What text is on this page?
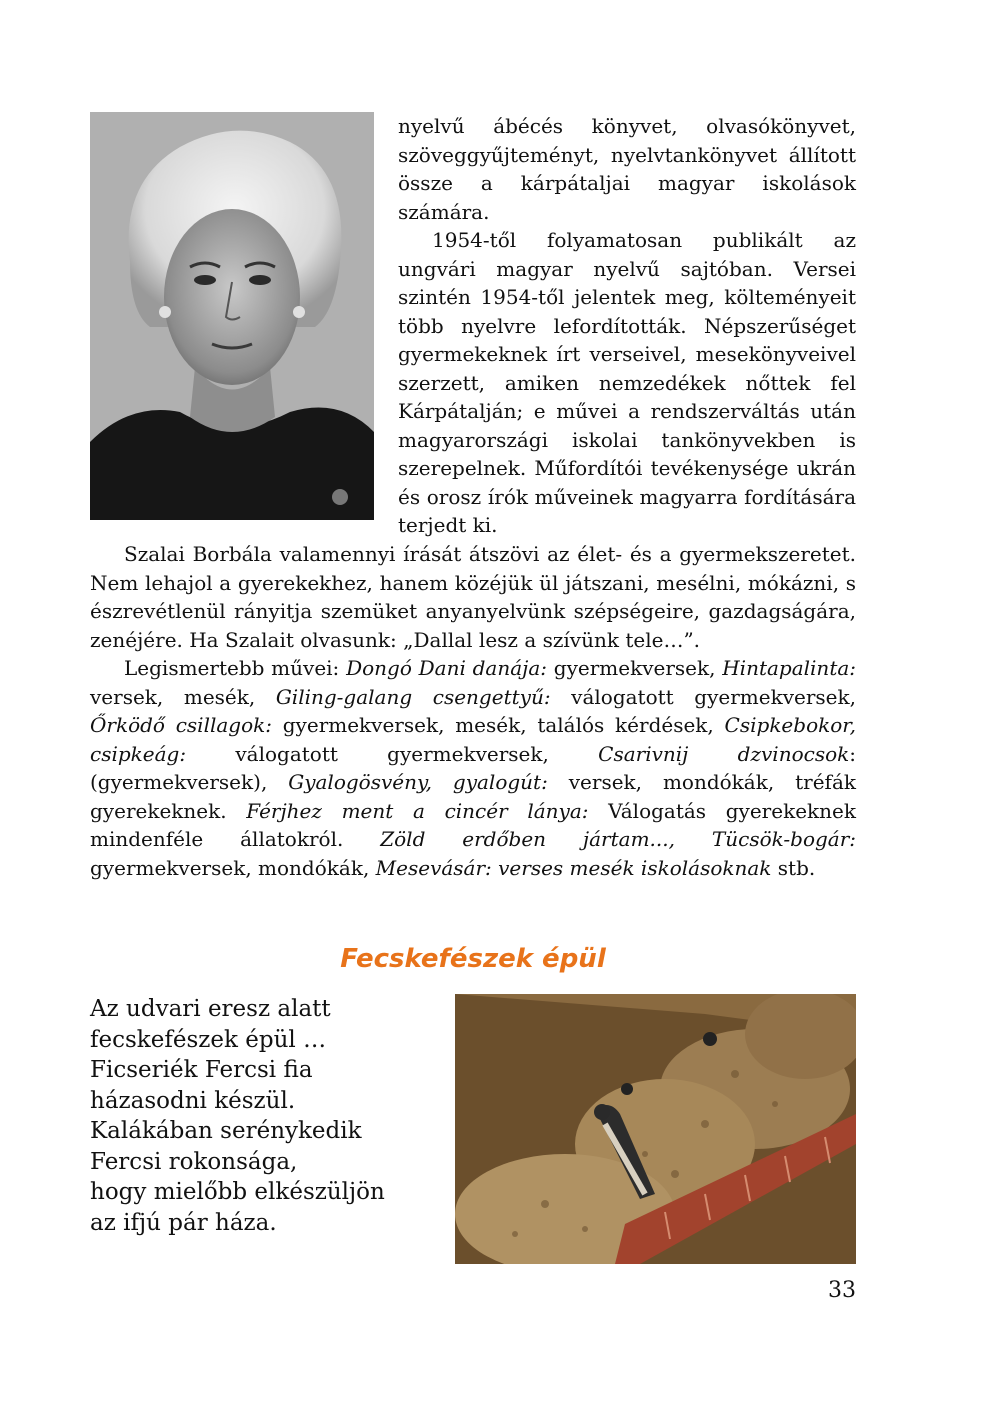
nyelvű ábécés könyvet, olvasókönyvet, szöveggyűjteményt, nyelvtankönyvet állított össze a kárpátaljai magyar iskolások számára.

1954-től folyamatosan publikált az ungvári magyar nyelvű sajtóban. Versei szintén 1954-től jelentek meg, költeményeit több nyelvre lefordították. Népszerűséget gyermekeknek írt verseivel, mesekönyveivel szerzett, amiken nemzedékek nőttek fel Kárpátalján; e művei a rendszerváltás után magyarországi iskolai tankönyvekben is szerepelnek. Műfordítói tevékenysége ukrán és orosz írók műveinek magyarra fordítására terjedt ki.

Szalai Borbála valamennyi írását átszövi az élet- és a gyermekszeretet. Nem lehajol a gyerekekhez, hanem közéjük ül játszani, mesélni, mókázni, s észrevétlenül rányitja szemüket anyanyelvünk szépségeire, gazdagságára, zenéjére. Ha Szalait olvasunk: „Dallal lesz a szívünk tele…”.

Legismertebb művei: Dongó Dani danája: gyermekversek, Hintapalinta: versek, mesék, Giling-galang csengettyű: válogatott gyermekversek, Őrködő csillagok: gyermekversek, mesék, találós kérdések, Csipkebokor, csipkeág: válogatott gyermekversek, Csarivnij dzvinocsok: (gyermekversek), Gyalogösvény, gyalogút: versek, mondókák, tréfák gyerekeknek. Férjhez ment a cincér lánya: Válogatás gyerekeknek mindenféle állatokról. Zöld erdőben jártam..., Tücsök-bogár: gyermekversek, mondókák, Mesevásár: verses mesék iskolásoknak stb.

Fecskefészek épül
Az udvari eresz alatt
fecskefészek épül …
Ficseriék Fercsi fia
házasodni készül.
Kalákában serénykedik
Fercsi rokonsága,
hogy mielőbb elkészüljön
az ifjú pár háza.
33
